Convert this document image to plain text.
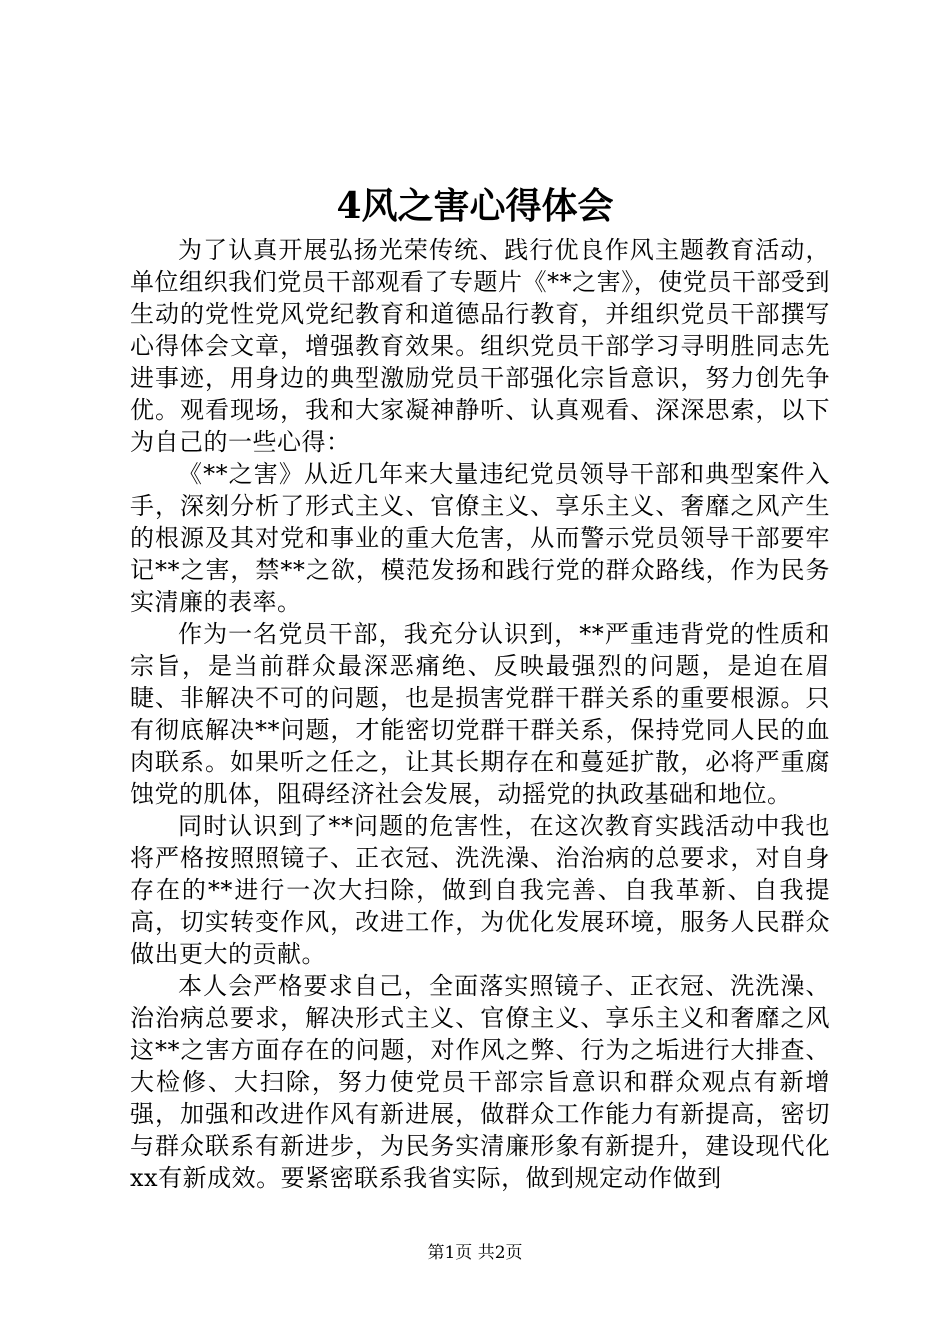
4风之害心得体会

为了认真开展弘扬光荣传统、践行优良作风主题教育活动，单位组织我们党员干部观看了专题片《**之害》，使党员干部受到生动的党性党风党纪教育和道德品行教育，并组织党员干部撰写心得体会文章，增强教育效果。组织党员干部学习寻明胜同志先进事迹，用身边的典型激励党员干部强化宗旨意识，努力创先争优。观看现场，我和大家凝神静听、认真观看、深深思索，以下为自己的一些心得：

《**之害》从近几年来大量违纪党员领导干部和典型案件入手，深刻分析了形式主义、官僚主义、享乐主义、奢靡之风产生的根源及其对党和事业的重大危害，从而警示党员领导干部要牢记**之害，禁**之欲，模范发扬和践行党的群众路线，作为民务实清廉的表率。

作为一名党员干部，我充分认识到，**严重违背党的性质和宗旨，是当前群众最深恶痛绝、反映最强烈的问题，是迫在眉睫、非解决不可的问题，也是损害党群干群关系的重要根源。只有彻底解决**问题，才能密切党群干群关系，保持党同人民的血肉联系。如果听之任之，让其长期存在和蔓延扩散，必将严重腐蚀党的肌体，阻碍经济社会发展，动摇党的执政基础和地位。

同时认识到了**问题的危害性，在这次教育实践活动中我也将严格按照照镜子、正衣冠、洗洗澡、治治病的总要求，对自身存在的**进行一次大扫除，做到自我完善、自我革新、自我提高，切实转变作风，改进工作，为优化发展环境，服务人民群众做出更大的贡献。

本人会严格要求自己，全面落实照镜子、正衣冠、洗洗澡、治治病总要求，解决形式主义、官僚主义、享乐主义和奢靡之风这**之害方面存在的问题，对作风之弊、行为之垢进行大排查、大检修、大扫除，努力使党员干部宗旨意识和群众观点有新增强，加强和改进作风有新进展，做群众工作能力有新提高，密切与群众联系有新进步，为民务实清廉形象有新提升，建设现代化xx有新成效。要紧密联系我省实际，做到规定动作做到

第1页 共2页
